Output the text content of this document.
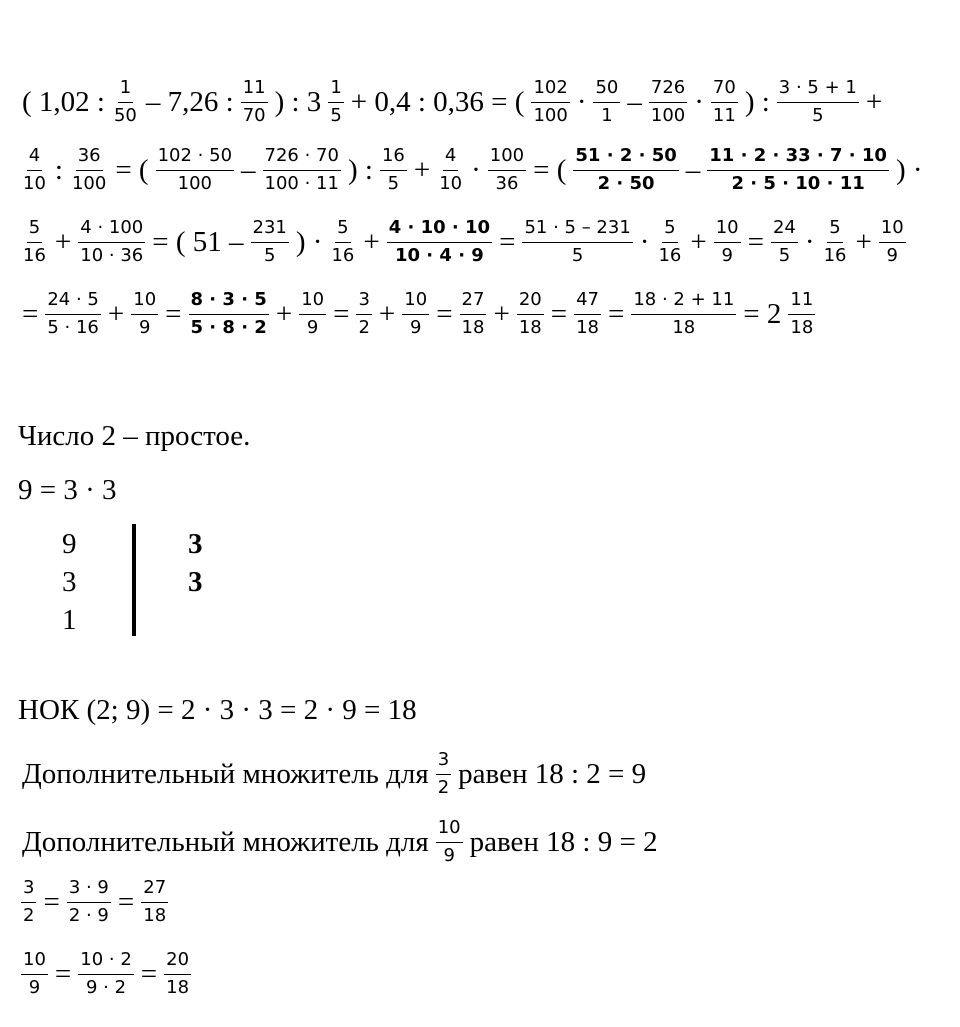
( 1,02 : $\frac{1}{50} - 7,26$ : $\frac{11}{70}$ ) : $3 \frac{1}{5} + 0,4$ : 0,36 = ( $\frac{102}{100} \cdot \frac{50}{1} - \frac{726}{100} \cdot \frac{70}{11}$ ) : $\frac{3 \cdot 5 + 1}{5}$ +
$\frac{4}{10}$ : $\frac{36}{100}$ = ( $\frac{102 \cdot 50}{100} - \frac{726 \cdot 70}{100 \cdot 11}$ ) : $\frac{16}{5} + \frac{4}{10} \cdot \frac{100}{36}$ = ( $\frac{51 \cdot 2 \cdot 50}{2 \cdot 50} - \frac{11 \cdot 2 \cdot 33 \cdot 7 \cdot 10}{2 \cdot 5 \cdot 10 \cdot 11}$ ) ·
$\frac{5}{16} + \frac{4 \cdot 100}{10 \cdot 36}$ = ( $51 - \frac{231}{5}$ ) · $\frac{5}{16} + \frac{4 \cdot 10 \cdot 10}{10 \cdot 4 \cdot 9} = \frac{51 \cdot 5 - 231}{5} \cdot \frac{5}{16} + \frac{10}{9} = \frac{24}{5} \cdot \frac{5}{16} + \frac{10}{9}$
= $\frac{24 \cdot 5}{5 \cdot 16} + \frac{10}{9} = \frac{8 \cdot 3 \cdot 5}{5 \cdot 8 \cdot 2} + \frac{10}{9} = \frac{3}{2} + \frac{10}{9} = \frac{27}{18} + \frac{20}{18} = \frac{47}{18} = \frac{18 \cdot 2 + 11}{18} = 2 \frac{11}{18}$
Число 2 – простое.
9 = 3 · 3
9
3
1
3
3
НОК (2; 9) = 2 · 3 · 3 = 2 · 9 = 18
Дополнительный множитель для $\frac{3}{2}$ равен 18 : 2 = 9
Дополнительный множитель для $\frac{10}{9}$ равен 18 : 9 = 2
$\frac{3}{2} = \frac{3 \cdot 9}{2 \cdot 9} = \frac{27}{18}$
$\frac{10}{9} = \frac{10 \cdot 2}{9 \cdot 2} = \frac{20}{18}$
